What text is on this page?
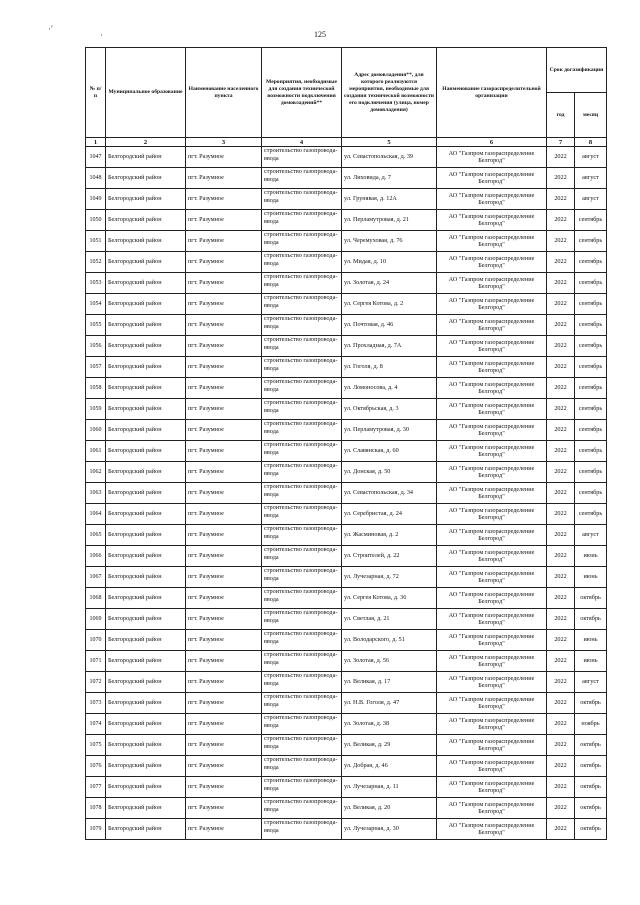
·′
·	125
№ п/п	Муниципальное образование	Наименование населенного пункта	Мероприятия, необходимые для создания технической возможности подключения домовладений**	Адрес домовладения**, для которого реализуются мероприятия, необходимые для создания технической возможности его подключения (улица, номер домовладения)	Наименование газораспределительной организации	Срок догазификации	
						год	месяц
1	2	3	4	5	6	7	8
1047	Белгородский район	пгт. Разумное	строительство газопровода-ввода	ул. Севастопольская, д. 39	АО "Газпром газораспределение Белгород"	2022	август
1048	Белгородский район	пгт. Разумное	строительство газопровода-ввода	ул. Лиховида, д. 7	АО "Газпром газораспределение Белгород"	2022	август
1049	Белгородский район	пгт. Разумное	строительство газопровода-ввода	ул. Грунявая, д. 12А	АО "Газпром газораспределение Белгород"	2022	август
1050	Белгородский район	пгт. Разумное	строительство газопровода-ввода	ул. Перламутровая, д. 21	АО "Газпром газораспределение Белгород"	2022	сентябрь
1051	Белгородский район	пгт. Разумное	строительство газопровода-ввода	ул. Черемуховая, д. 76	АО "Газпром газораспределение Белгород"	2022	сентябрь
1052	Белгородский район	пгт. Разумное	строительство газопровода-ввода	ул. Мидая, д. 10	АО "Газпром газораспределение Белгород"	2022	сентябрь
1053	Белгородский район	пгт. Разумное	строительство газопровода-ввода	ул. Золотая, д. 24	АО "Газпром газораспределение Белгород"	2022	сентябрь
1054	Белгородский район	пгт. Разумное	строительство газопровода-ввода	ул. Сергея Котова, д. 2	АО "Газпром газораспределение Белгород"	2022	сентябрь
1055	Белгородский район	пгт. Разумное	строительство газопровода-ввода	ул. Почтовая, д. 46	АО "Газпром газораспределение Белгород"	2022	сентябрь
1056	Белгородский район	пгт. Разумное	строительство газопровода-ввода	ул. Прохладная, д. 7А	АО "Газпром газораспределение Белгород"	2022	сентябрь
1057	Белгородский район	пгт. Разумное	строительство газопровода-ввода	ул. Гоголя, д. 8	АО "Газпром газораспределение Белгород"	2022	сентябрь
1058	Белгородский район	пгт. Разумное	строительство газопровода-ввода	ул. Ломоносова, д. 4	АО "Газпром газораспределение Белгород"	2022	сентябрь
1059	Белгородский район	пгт. Разумное	строительство газопровода-ввода	ул. Октябрьская, д. 3	АО "Газпром газораспределение Белгород"	2022	сентябрь
1060	Белгородский район	пгт. Разумное	строительство газопровода-ввода	ул. Перламутровая, д. 30	АО "Газпром газораспределение Белгород"	2022	сентябрь
1061	Белгородский район	пгт. Разумное	строительство газопровода-ввода	ул. Славянская, д. 60	АО "Газпром газораспределение Белгород"	2022	сентябрь
1062	Белгородский район	пгт. Разумное	строительство газопровода-ввода	ул. Донская, д. 50	АО "Газпром газораспределение Белгород"	2022	сентябрь
1063	Белгородский район	пгт. Разумное	строительство газопровода-ввода	ул. Севастопольская, д. 34	АО "Газпром газораспределение Белгород"	2022	сентябрь
1064	Белгородский район	пгт. Разумное	строительство газопровода-ввода	ул. Серебристая, д. 24	АО "Газпром газораспределение Белгород"	2022	сентябрь
1065	Белгородский район	пгт. Разумное	строительство газопровода-ввода	ул. Жасминовая, д. 2	АО "Газпром газораспределение Белгород"	2022	август
1066	Белгородский район	пгт. Разумное	строительство газопровода-ввода	ул. Строителей, д. 22	АО "Газпром газораспределение Белгород"	2022	июнь
1067	Белгородский район	пгт. Разумное	строительство газопровода-ввода	ул. Лучезарная, д. 72	АО "Газпром газораспределение Белгород"	2022	июнь
1068	Белгородский район	пгт. Разумное	строительство газопровода-ввода	ул. Сергея Котова, д. 36	АО "Газпром газораспределение Белгород"	2022	октябрь
1069	Белгородский район	пгт. Разумное	строительство газопровода-ввода	ул. Светлая, д. 21	АО "Газпром газораспределение Белгород"	2022	октябрь
1070	Белгородский район	пгт. Разумное	строительство газопровода-ввода	ул. Володарского, д. 51	АО "Газпром газораспределение Белгород"	2022	июнь
1071	Белгородский район	пгт. Разумное	строительство газопровода-ввода	ул. Золотая, д. 56	АО "Газпром газораспределение Белгород"	2022	июнь
1072	Белгородский район	пгт. Разумное	строительство газопровода-ввода	ул. Великая, д. 17	АО "Газпром газораспределение Белгород"	2022	август
1073	Белгородский район	пгт. Разумное	строительство газопровода-ввода	ул. Н.В. Гоголя, д. 47	АО "Газпром газораспределение Белгород"	2022	октябрь
1074	Белгородский район	пгт. Разумное	строительство газопровода-ввода	ул. Золотая, д. 38	АО "Газпром газораспределение Белгород"	2022	ноябрь
1075	Белгородский район	пгт. Разумное	строительство газопровода-ввода	ул. Великая, д. 29	АО "Газпром газораспределение Белгород"	2022	октябрь
1076	Белгородский район	пгт. Разумное	строительство газопровода-ввода	ул. Добрая, д. 46	АО "Газпром газораспределение Белгород"	2022	октябрь
1077	Белгородский район	пгт. Разумное	строительство газопровода-ввода	ул. Лучезарная, д. 11	АО "Газпром газораспределение Белгород"	2022	октябрь
1078	Белгородский район	пгт. Разумное	строительство газопровода-ввода	ул. Великая, д. 20	АО "Газпром газораспределение Белгород"	2022	октябрь
1079	Белгородский район	пгт. Разумное	строительство газопровода-ввода	ул. Лучезарная, д. 30	АО "Газпром газораспределение Белгород"	2022	октябрь
